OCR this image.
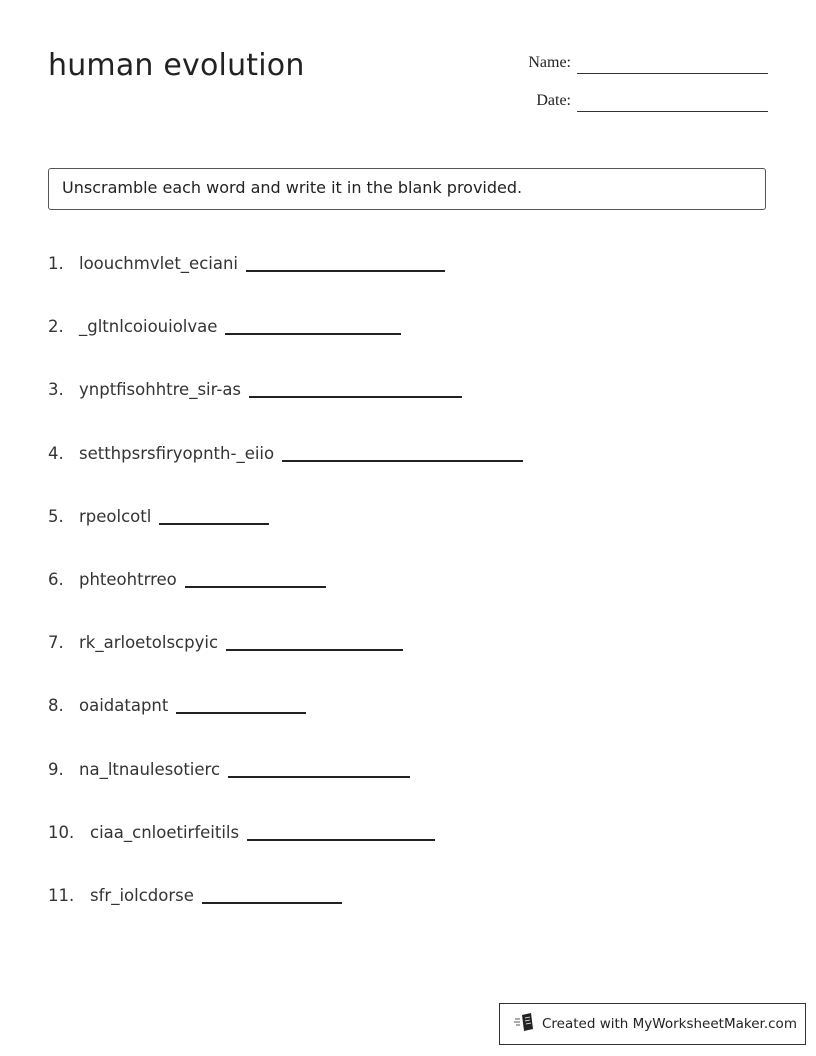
human evolution	Name:
Date:
Unscramble each word and write it in the blank provided.
1. loouchmvlet_eciani
2. _gltnlcoiouiolvae
3. ynptfisohhtre_sir-as
4. setthpsrsfiryopnth-_eiio
5. rpeolcotl
6. phteohtrreo
7. rk_arloetolscpyic
8. oaidatapnt
9. na_ltnaulesotierc
10. ciaa_cnloetirfeitils
11. sfr_iolcdorse
Created with MyWorksheetMaker.com
